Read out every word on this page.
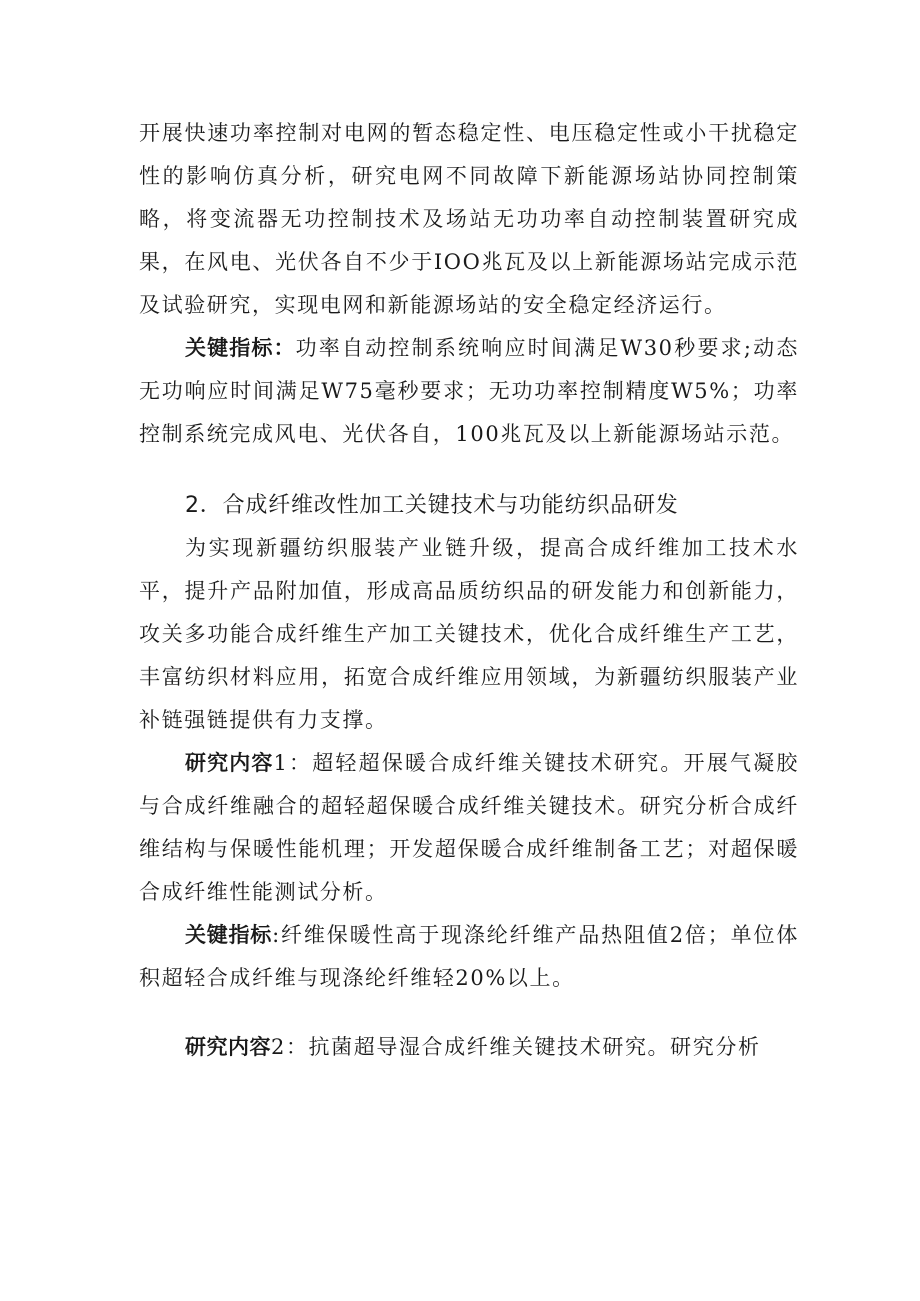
开展快速功率控制对电网的暂态稳定性、电压稳定性或小干扰稳定性的影响仿真分析，研究电网不同故障下新能源场站协同控制策略，将变流器无功控制技术及场站无功功率自动控制装置研究成果，在风电、光伏各自不少于IOO兆瓦及以上新能源场站完成示范及试验研究，实现电网和新能源场站的安全稳定经济运行。

关键指标：功率自动控制系统响应时间满足W30秒要求;动态无功响应时间满足W75毫秒要求；无功功率控制精度W5%；功率控制系统完成风电、光伏各自，100兆瓦及以上新能源场站示范。

2．合成纤维改性加工关键技术与功能纺织品研发

为实现新疆纺织服装产业链升级，提高合成纤维加工技术水平，提升产品附加值，形成高品质纺织品的研发能力和创新能力，攻关多功能合成纤维生产加工关键技术，优化合成纤维生产工艺，丰富纺织材料应用，拓宽合成纤维应用领域，为新疆纺织服装产业补链强链提供有力支撑。

研究内容1：超轻超保暖合成纤维关键技术研究。开展气凝胶与合成纤维融合的超轻超保暖合成纤维关键技术。研究分析合成纤维结构与保暖性能机理；开发超保暖合成纤维制备工艺；对超保暖合成纤维性能测试分析。

关键指标:纤维保暖性高于现涤纶纤维产品热阻值2倍；单位体积超轻合成纤维与现涤纶纤维轻20%以上。

研究内容2：抗菌超导湿合成纤维关键技术研究。研究分析
